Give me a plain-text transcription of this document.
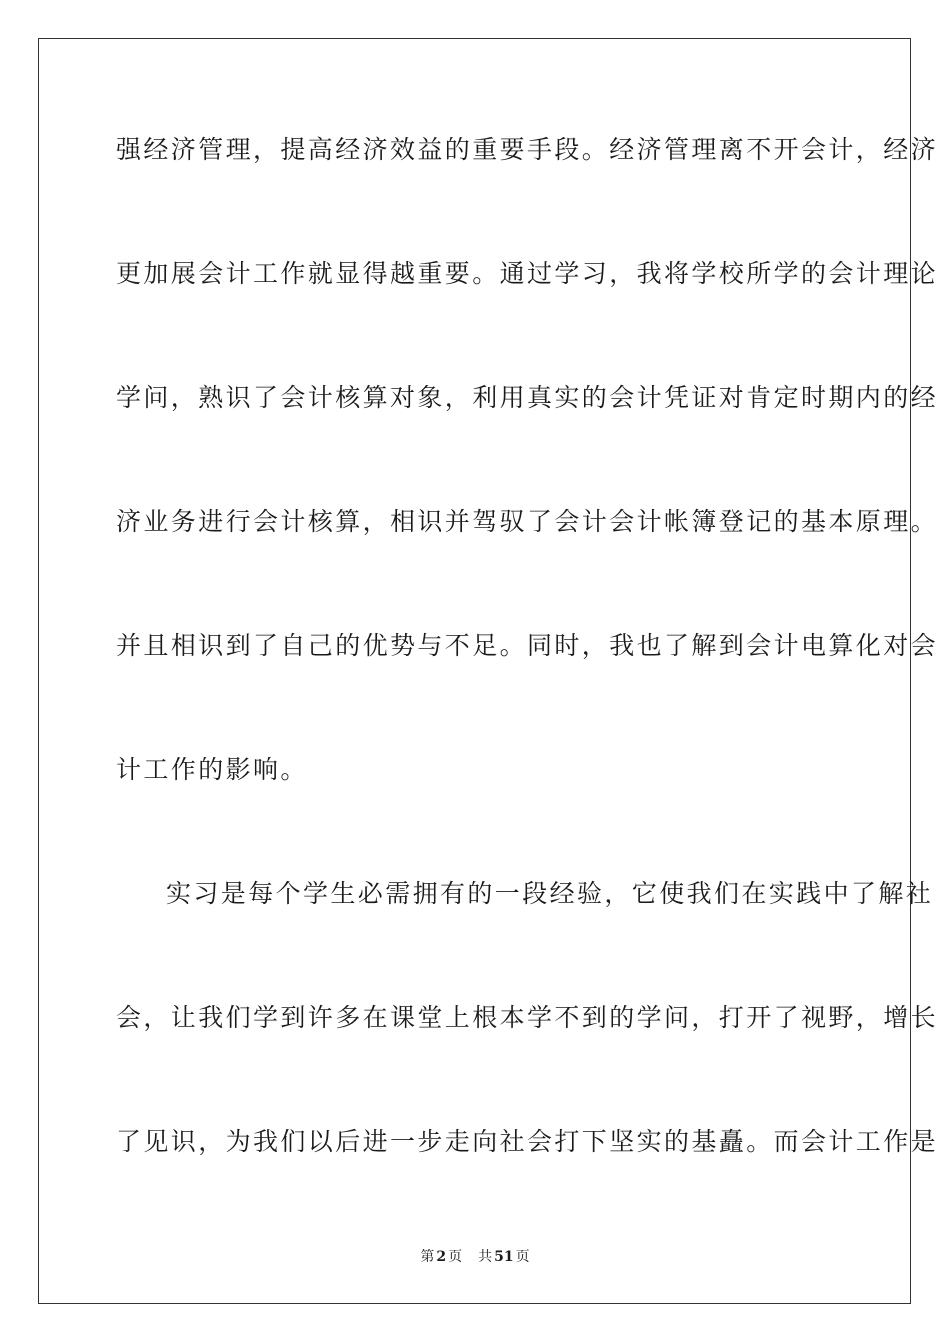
强经济管理，提高经济效益的重要手段。经济管理离不开会计，经济
更加展会计工作就显得越重要。通过学习，我将学校所学的会计理论
学问，熟识了会计核算对象，利用真实的会计凭证对肯定时期内的经
济业务进行会计核算，相识并驾驭了会计会计帐簿登记的基本原理。
并且相识到了自己的优势与不足。同时，我也了解到会计电算化对会
计工作的影响。
实习是每个学生必需拥有的一段经验，它使我们在实践中了解社
会，让我们学到许多在课堂上根本学不到的学问，打开了视野，增长
了见识，为我们以后进一步走向社会打下坚实的基矗。而会计工作是
第 2 页 共 51 页
